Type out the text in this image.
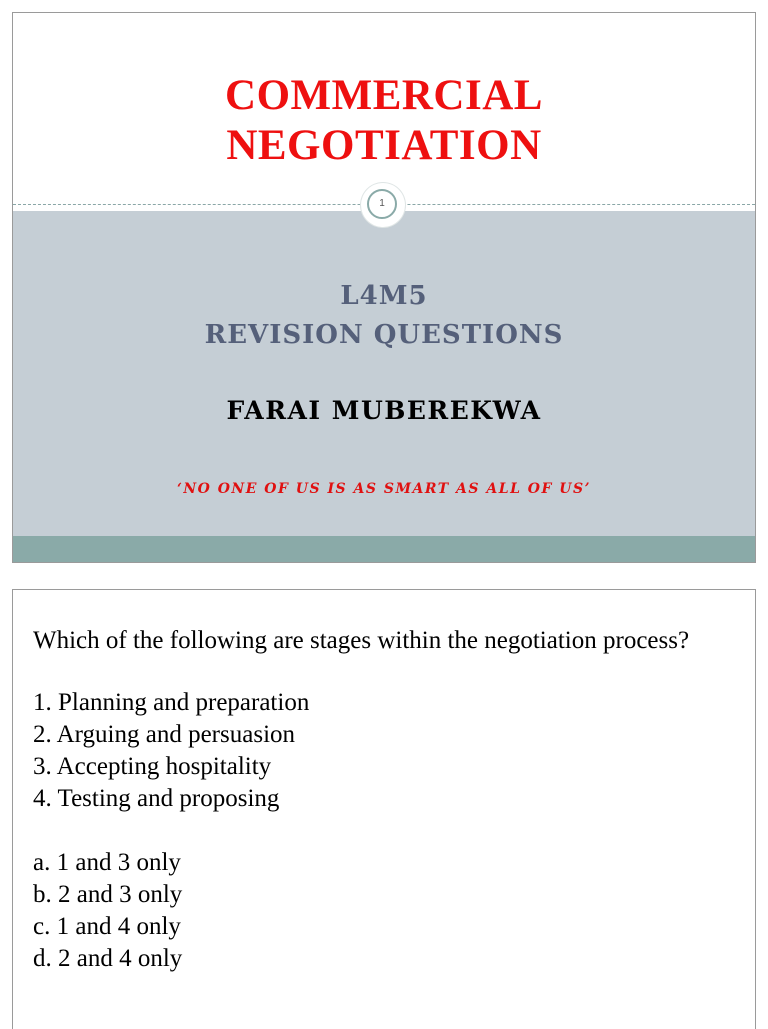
COMMERCIAL
NEGOTIATION
1
L4M5
REVISION QUESTIONS
FARAI MUBEREKWA
‘NO ONE OF US IS AS SMART AS ALL OF US’
Which of the following are stages within the negotiation process?
1. Planning and preparation
2. Arguing and persuasion
3. Accepting hospitality
4. Testing and proposing
a. 1 and 3 only
b. 2 and 3 only
c. 1 and 4 only
d. 2 and 4 only
